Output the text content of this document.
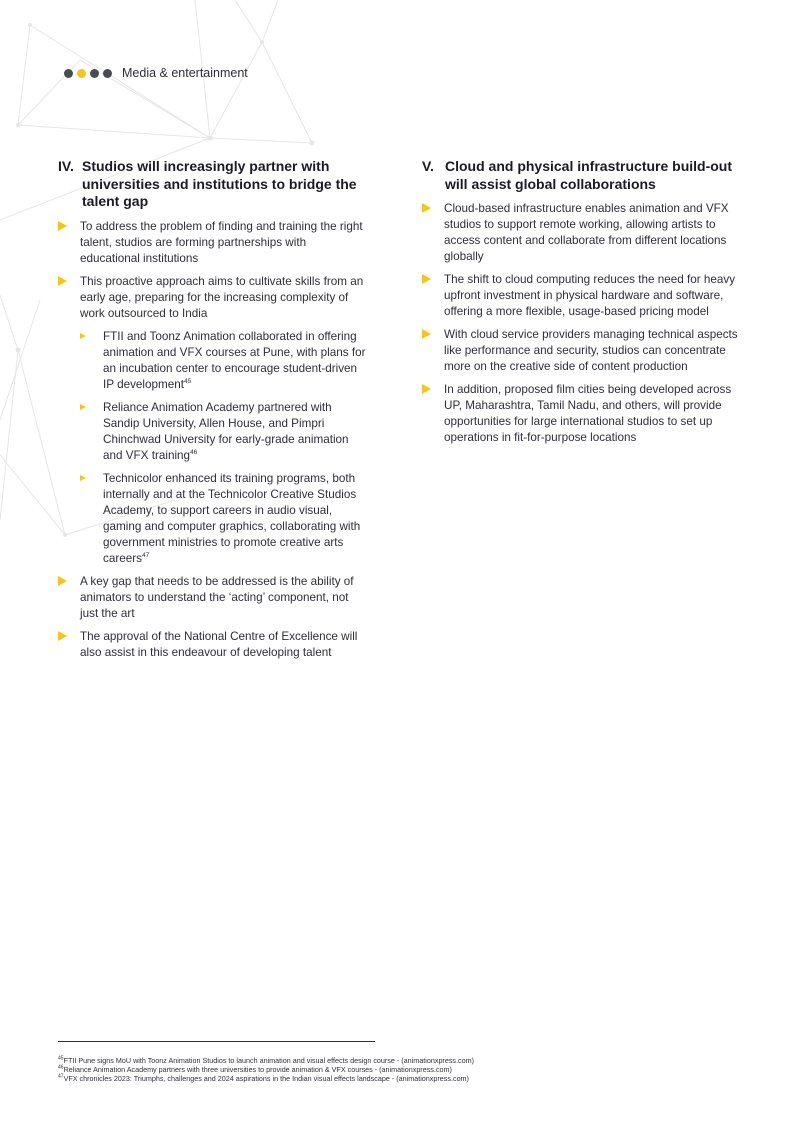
Media & entertainment
IV. Studios will increasingly partner with universities and institutions to bridge the talent gap
To address the problem of finding and training the right talent, studios are forming partnerships with educational institutions
This proactive approach aims to cultivate skills from an early age, preparing for the increasing complexity of work outsourced to India
FTII and Toonz Animation collaborated in offering animation and VFX courses at Pune, with plans for an incubation center to encourage student-driven IP development$^{45}$
Reliance Animation Academy partnered with Sandip University, Allen House, and Pimpri Chinchwad University for early-grade animation and VFX training$^{46}$
Technicolor enhanced its training programs, both internally and at the Technicolor Creative Studios Academy, to support careers in audio visual, gaming and computer graphics, collaborating with government ministries to promote creative arts careers$^{47}$
A key gap that needs to be addressed is the ability of animators to understand the ‘acting’ component, not just the art
The approval of the National Centre of Excellence will also assist in this endeavour of developing talent
V. Cloud and physical infrastructure build-out will assist global collaborations
Cloud-based infrastructure enables animation and VFX studios to support remote working, allowing artists to access content and collaborate from different locations globally
The shift to cloud computing reduces the need for heavy upfront investment in physical hardware and software, offering a more flexible, usage-based pricing model
With cloud service providers managing technical aspects like performance and security, studios can concentrate more on the creative side of content production
In addition, proposed film cities being developed across UP, Maharashtra, Tamil Nadu, and others, will provide opportunities for large international studios to set up operations in fit-for-purpose locations
$^{45}$FTII Pune signs MoU with Toonz Animation Studios to launch animation and visual effects design course - (animationxpress.com)
$^{46}$Reliance Animation Academy partners with three universities to provide animation & VFX courses - (animationxpress.com)
$^{47}$VFX chronicles 2023: Triumphs, challenges and 2024 aspirations in the Indian visual effects landscape - (animationxpress.com)
